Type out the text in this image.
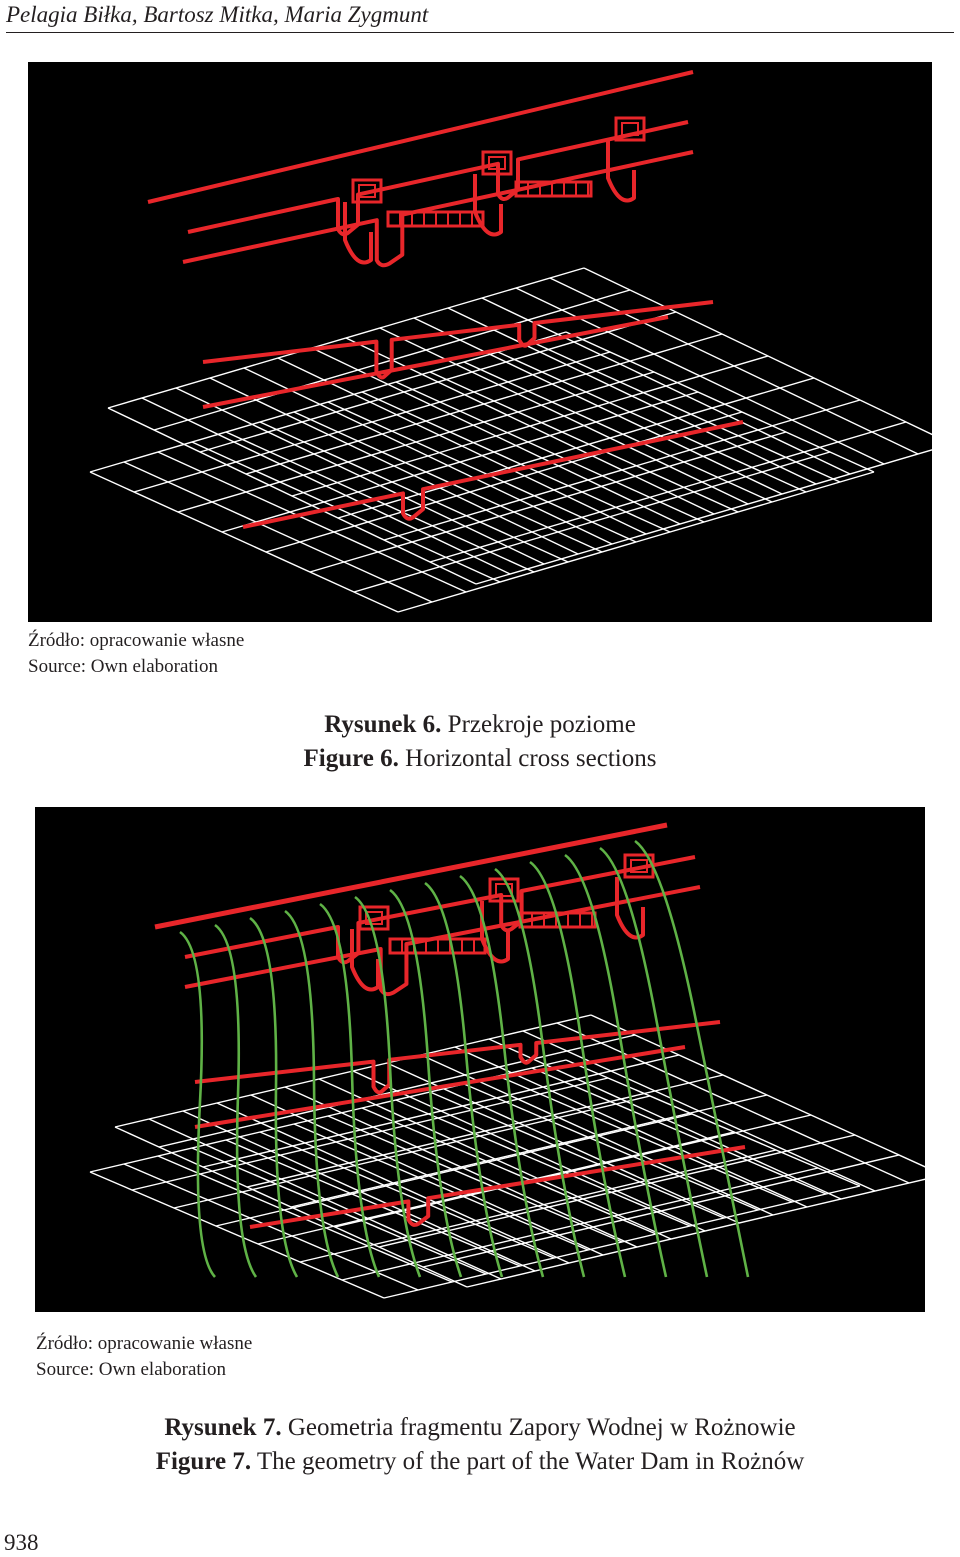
Pelagia Biłka, Bartosz Mitka, Maria Zygmunt
Źródło: opracowanie własne
Source: Own elaboration
Rysunek 6. Przekroje poziome
Figure 6. Horizontal cross sections
Źródło: opracowanie własne
Source: Own elaboration
Rysunek 7. Geometria fragmentu Zapory Wodnej w Rożnowie
Figure 7. The geometry of the part of the Water Dam in Rożnów
938
